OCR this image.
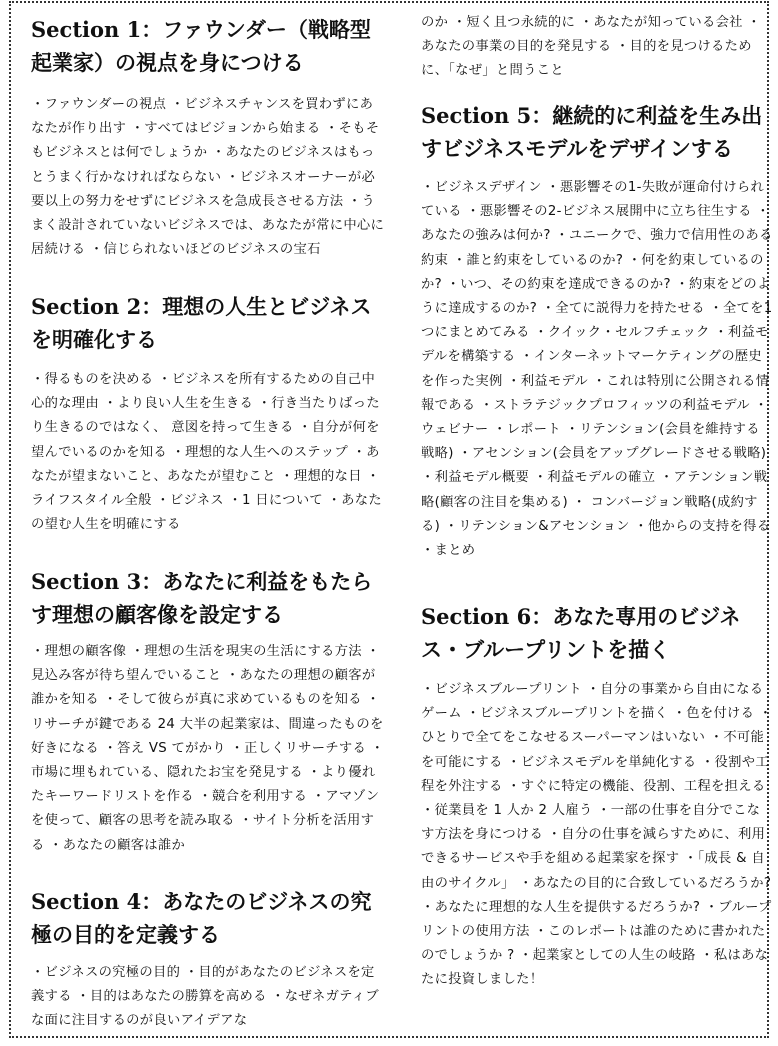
Section 1：ファウンダー（戦略型起業家）の視点を身につける

・ファウンダーの視点 ・ビジネスチャンスを買わずにあなたが作り出す ・すべてはビジョンから始まる ・そもそもビジネスとは何でしょうか ・あなたのビジネスはもっとうまく行かなければならない ・ビジネスオーナーが必要以上の努力をせずにビジネスを急成長させる方法 ・うまく設計されていないビジネスでは、あなたが常に中心に居続ける ・信じられないほどのビジネスの宝石

Section 2：理想の人生とビジネスを明確化する

・得るものを決める ・ビジネスを所有するための自己中心的な理由 ・より良い人生を生きる ・行き当たりばったり生きるのではなく、 意図を持って生きる ・自分が何を望んでいるのかを知る ・理想的な人生へのステップ ・あなたが望まないこと、あなたが望むこと ・理想的な日 ・ライフスタイル全般 ・ビジネス ・1 日について ・あなたの望む人生を明確にする

Section 3：あなたに利益をもたらす理想の顧客像を設定する

・理想の顧客像 ・理想の生活を現実の生活にする方法 ・見込み客が待ち望んでいること ・あなたの理想の顧客が誰かを知る ・そして彼らが真に求めているものを知る ・リサーチが鍵である 24 大半の起業家は、間違ったものを好きになる ・答え VS てがかり ・正しくリサーチする ・市場に埋もれている、隠れたお宝を発見する ・より優れたキーワードリストを作る ・競合を利用する ・アマゾンを使って、顧客の思考を読み取る ・サイト分析を活用する ・あなたの顧客は誰か

Section 4：あなたのビジネスの究極の目的を定義する

・ビジネスの究極の目的 ・目的があなたのビジネスを定義する ・目的はあなたの勝算を高める ・なぜネガティブな面に注目するのが良いアイデアな

のか ・短く且つ永続的に ・あなたが知っている会社 ・あなたの事業の目的を発見する ・目的を見つけるために、「なぜ」と問うこと

Section 5：継続的に利益を生み出すビジネスモデルをデザインする

・ビジネスデザイン ・悪影響その1-失敗が運命付けられている ・悪影響その2-ビジネス展開中に立ち往生する ・あなたの強みは何か? ・ユニークで、強力で信用性のある約束 ・誰と約束をしているのか? ・何を約束しているのか? ・いつ、その約束を達成できるのか? ・約束をどのように達成するのか? ・全てに説得力を持たせる ・全てを1つにまとめてみる ・クイック・セルフチェック ・利益モデルを構築する ・インターネットマーケティングの歴史を作った実例 ・利益モデル ・これは特別に公開される情報である ・ストラテジックプロフィッツの利益モデル ・ウェビナー ・レポート ・リテンション(会員を維持する戦略) ・アセンション(会員をアップグレードさせる戦略) ・利益モデル概要 ・利益モデルの確立 ・アテンション戦略(顧客の注目を集める) ・ コンバージョン戦略(成約する) ・リテンション&アセンション ・他からの支持を得る ・まとめ

Section 6：あなた専用のビジネス・ブループリントを描く

・ビジネスブループリント ・自分の事業から自由になるゲーム ・ビジネスブループリントを描く ・色を付ける ・ひとりで全てをこなせるスーパーマンはいない ・不可能を可能にする ・ビジネスモデルを単純化する ・役割や工程を外注する ・すぐに特定の機能、役割、工程を担える ・従業員を 1 人か 2 人雇う ・一部の仕事を自分でこなす方法を身につける ・自分の仕事を減らすために、利用できるサービスや手を組める起業家を探す ・「成長 & 自由のサイクル」 ・あなたの目的に合致しているだろうか? ・あなたに理想的な人生を提供するだろうか? ・ブループリントの使用方法 ・このレポートは誰のために書かれたのでしょうか ? ・起業家としての人生の岐路 ・私はあなたに投資しました！
